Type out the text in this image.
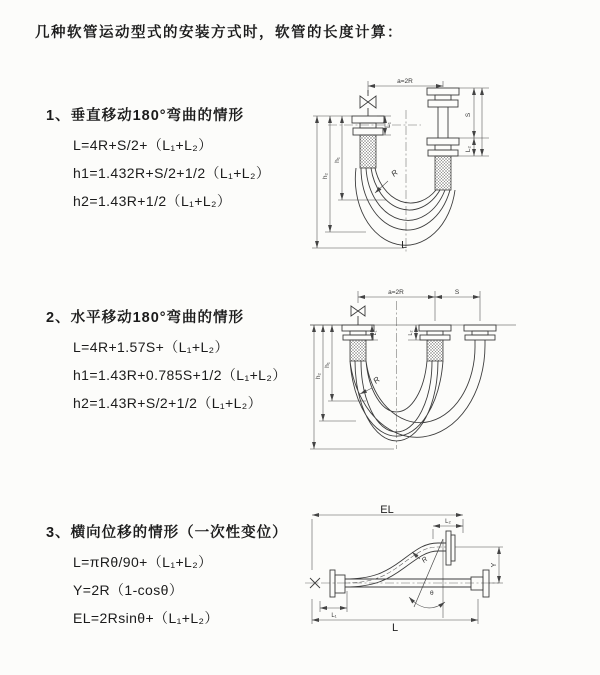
几种软管运动型式的安装方式时，软管的长度计算：
1、垂直移动180°弯曲的情形
L=4R+S/2+（L₁+L₂）
h1=1.432R+S/2+1/2（L₁+L₂）
h2=1.43R+1/2（L₁+L₂）
a=2R
S
L₂
h₁
h₂
L₁
R
L
2、水平移动180°弯曲的情形
L=4R+1.57S+（L₁+L₂）
h1=1.43R+0.785S+1/2（L₁+L₂）
h2=1.43R+S/2+1/2（L₁+L₂）
a=2R	S
h₁
h₂
L₁	L₂
R
3、横向位移的情形（一次性变位）
L=πRθ/90+（L₁+L₂）
Y=2R（1-cosθ）
EL=2Rsinθ+（L₁+L₂）
EL
L₂
Y
R
θ
L₁
L
